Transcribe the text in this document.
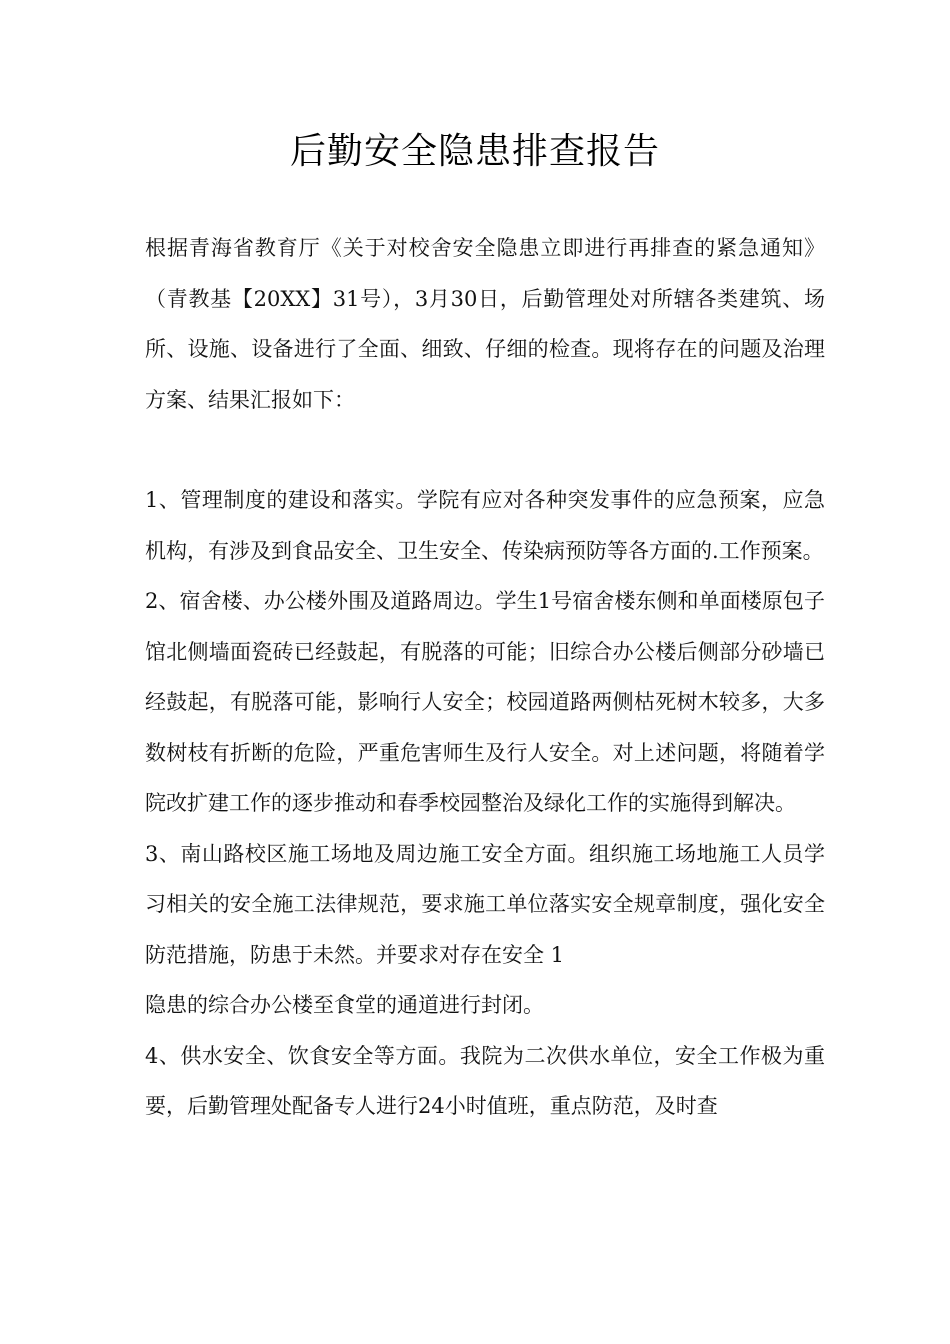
后勤安全隐患排查报告

根据青海省教育厅《关于对校舍安全隐患立即进行再排查的紧急通知》（青教基【20XX】31号），3月30日，后勤管理处对所辖各类建筑、场所、设施、设备进行了全面、细致、仔细的检查。现将存在的问题及治理方案、结果汇报如下：

1、管理制度的建设和落实。学院有应对各种突发事件的应急预案，应急机构，有涉及到食品安全、卫生安全、传染病预防等各方面的.工作预案。

2、宿舍楼、办公楼外围及道路周边。学生1号宿舍楼东侧和单面楼原包子馆北侧墙面瓷砖已经鼓起，有脱落的可能；旧综合办公楼后侧部分砂墙已经鼓起，有脱落可能，影响行人安全；校园道路两侧枯死树木较多，大多数树枝有折断的危险，严重危害师生及行人安全。对上述问题，将随着学院改扩建工作的逐步推动和春季校园整治及绿化工作的实施得到解决。

3、南山路校区施工场地及周边施工安全方面。组织施工场地施工人员学习相关的安全施工法律规范，要求施工单位落实安全规章制度，强化安全防范措施，防患于未然。并要求对存在安全 1

隐患的综合办公楼至食堂的通道进行封闭。

4、供水安全、饮食安全等方面。我院为二次供水单位，安全工作极为重要，后勤管理处配备专人进行24小时值班，重点防范，及时查
